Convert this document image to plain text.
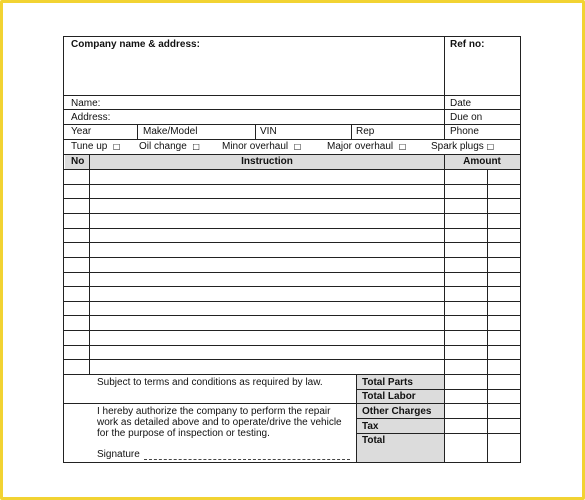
Company name & address:	Ref no:
Name:	Date
Address:	Due on
Year	Make/Model	VIN	Rep	Phone
Tune up □ Oil change □ Minor overhaul □	Major overhaul □ Spark plugs □
No	Instruction	Amount
Subject to terms and conditions as required by law.
I hereby authorize the company to perform the repair work as detailed above and to operate/drive the vehicle for the purpose of inspection or testing.
Total Parts
Total Labor
Other Charges
Tax
Total
Signature
